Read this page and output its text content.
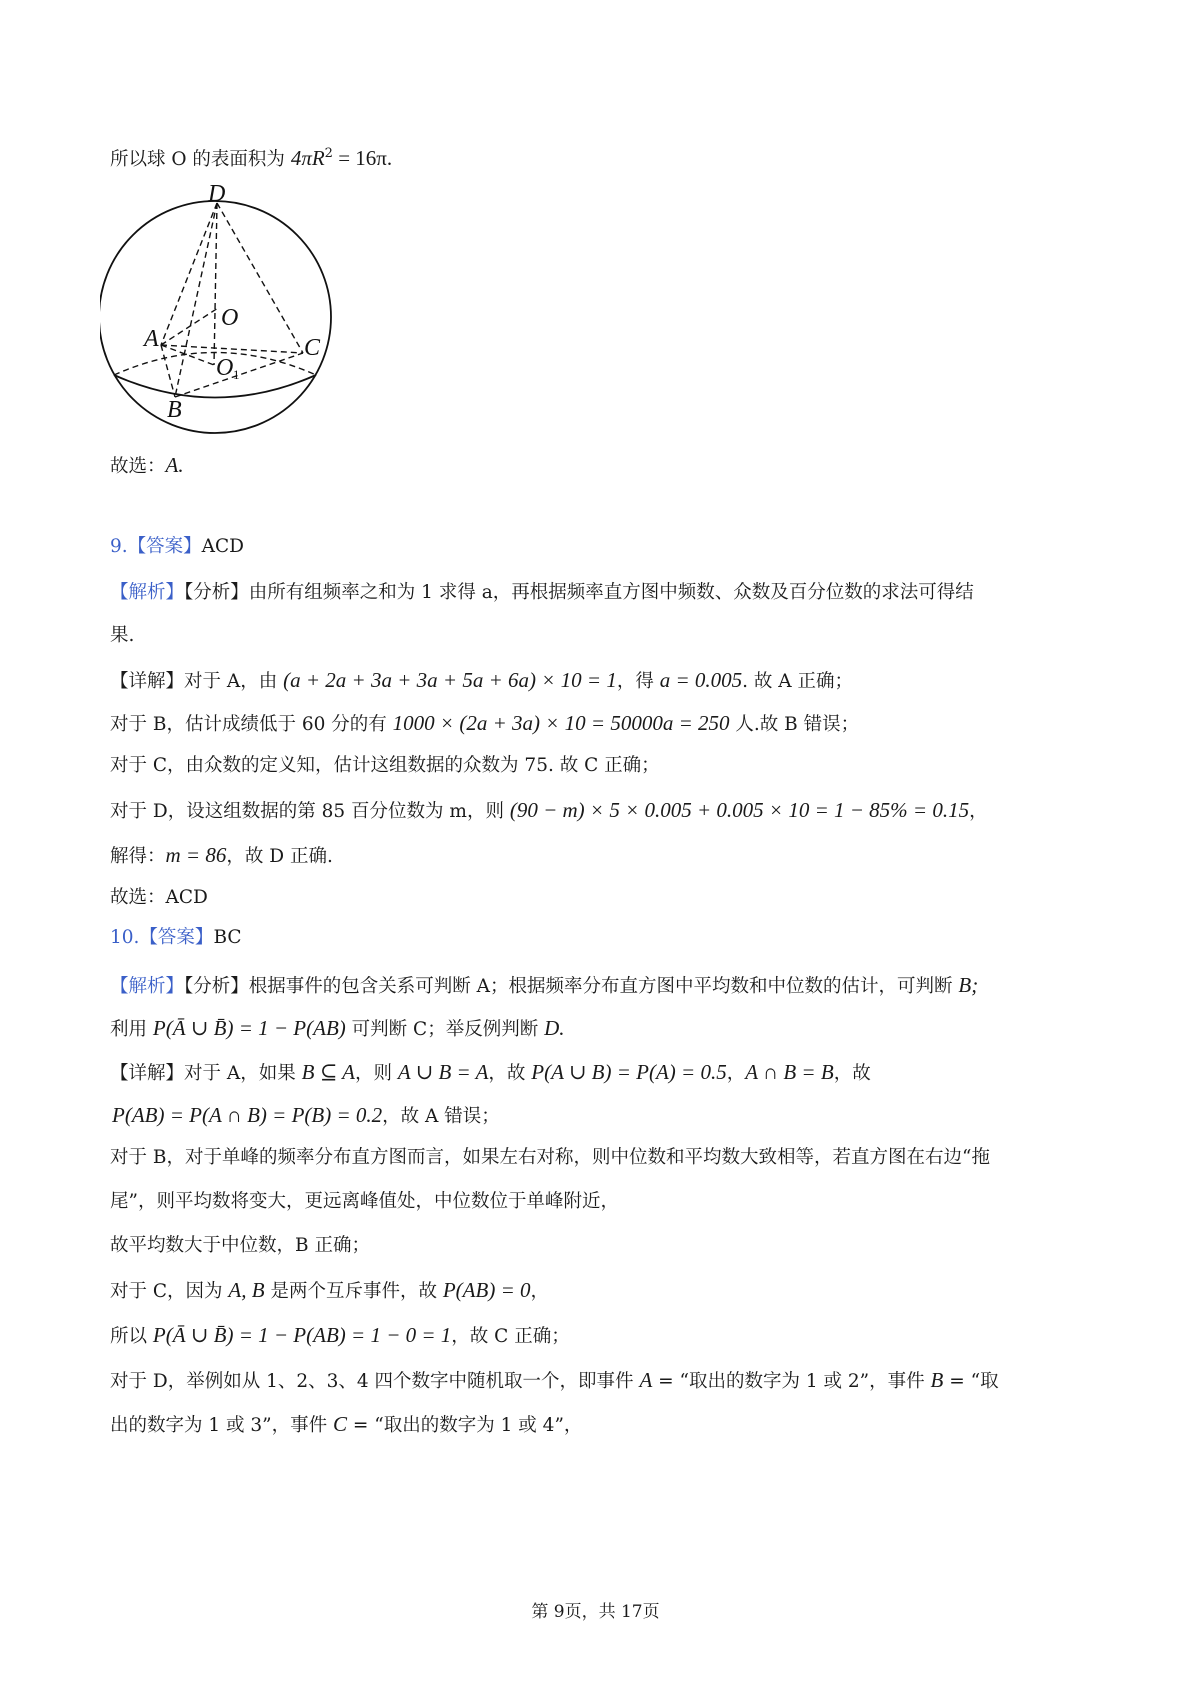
所以球 O 的表面积为 $4\pi R^2 = 16\pi$.
D
O
A	C
O 1
B
故选：A.
9.【答案】ACD
【解析】【分析】由所有组频率之和为 1 求得 a，再根据频率直方图中频数、众数及百分位数的求法可得结
果.
【详解】对于 A，由 (a + 2a + 3a + 3a + 5a + 6a) × 10 = 1，得 a = 0.005. 故 A 正确；
对于 B，估计成绩低于 60 分的有 1000 × (2a + 3a) × 10 = 50000a = 250 人.故 B 错误；
对于 C，由众数的定义知，估计这组数据的众数为 75. 故 C 正确；
对于 D，设这组数据的第 85 百分位数为 m，则 (90 − m) × 5 × 0.005 + 0.005 × 10 = 1 − 85% = 0.15，
解得：m = 86，故 D 正确.
故选：ACD
10.【答案】BC
【解析】【分析】根据事件的包含关系可判断 A；根据频率分布直方图中平均数和中位数的估计，可判断 B;
利用 P(Ā ∪ B̄) = 1 − P(AB) 可判断 C；举反例判断 D.
【详解】对于 A，如果 B ⊆ A，则 A ∪ B = A，故 P(A ∪ B) = P(A) = 0.5，A ∩ B = B，故
P(AB) = P(A ∩ B) = P(B) = 0.2，故 A 错误；
对于 B，对于单峰的频率分布直方图而言，如果左右对称，则中位数和平均数大致相等，若直方图在右边“拖
尾”，则平均数将变大，更远离峰值处，中位数位于单峰附近，
故平均数大于中位数，B 正确；
对于 C，因为 A, B 是两个互斥事件，故 P(AB) = 0，
所以 P(Ā ∪ B̄) = 1 − P(AB) = 1 − 0 = 1，故 C 正确；
对于 D，举例如从 1、2、3、4 四个数字中随机取一个，即事件 A = “取出的数字为 1 或 2”，事件 B = “取
出的数字为 1 或 3”，事件 C = “取出的数字为 1 或 4”，
第 9页，共 17页
